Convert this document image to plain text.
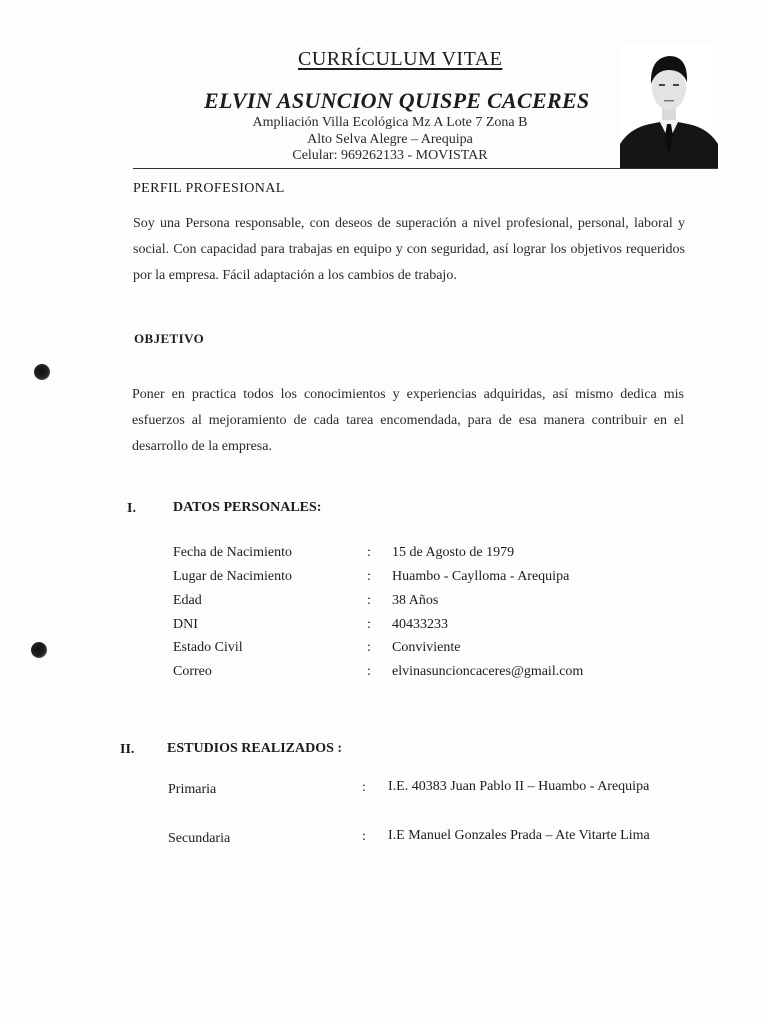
CURRÍCULUM VITAE
ELVIN ASUNCION QUISPE CACERES
Ampliación Villa Ecológica Mz A Lote 7 Zona B
Alto Selva Alegre – Arequipa
Celular: 969262133 - MOVISTAR
PERFIL PROFESIONAL

Soy una Persona responsable, con deseos de superación a nivel profesional, personal, laboral y social. Con capacidad para trabajas en equipo y con seguridad, así lograr los objetivos requeridos por la empresa. Fácil adaptación a los cambios de trabajo.

OBJETIVO

Poner en practica todos los conocimientos y experiencias adquiridas, así mismo dedica mis esfuerzos al mejoramiento de cada tarea encomendada, para de esa manera contribuir en el desarrollo de la empresa.

I.	DATOS PERSONALES:
Fecha de Nacimiento	: 15 de Agosto de 1979
Lugar de Nacimiento	: Huambo - Caylloma - Arequipa
Edad	: 38 Años
DNI	: 40433233
Estado Civil	: Conviviente
Correo	: elvinasuncioncaceres@gmail.com
II. ESTUDIOS REALIZADOS :
Primaria	: I.E. 40383 Juan Pablo II – Huambo - Arequipa
Secundaria	: I.E Manuel Gonzales Prada – Ate Vitarte Lima
